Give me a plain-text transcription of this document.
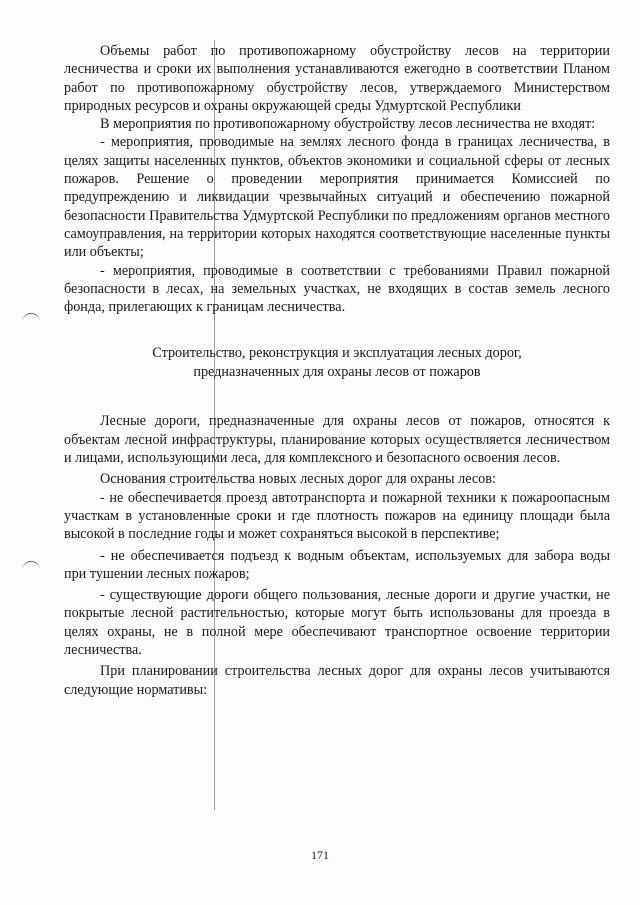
Объемы работ по противопожарному обустройству лесов на территории лесничества и сроки их выполнения устанавливаются ежегодно в соответствии Планом работ по противопожарному обустройству лесов, утверждаемого Министерством природных ресурсов и охраны окружающей среды Удмуртской Республики

В мероприятия по противопожарному обустройству лесов лесничества не входят:

- мероприятия, проводимые на землях лесного фонда в границах лесничества, в целях защиты населенных пунктов, объектов экономики и социальной сферы от лесных пожаров. Решение о проведении мероприятия принимается Комиссией по предупреждению и ликвидации чрезвычайных ситуаций и обеспечению пожарной безопасности Правительства Удмуртской Республики по предложениям органов местного самоуправления, на территории которых находятся соответствующие населенные пункты или объекты;

- мероприятия, проводимые в соответствии с требованиями Правил пожарной безопасности в лесах, на земельных участках, не входящих в состав земель лесного фонда, прилегающих к границам лесничества.

Строительство, реконструкция и эксплуатация лесных дорог,
предназначенных для охраны лесов от пожаров

Лесные дороги, предназначенные для охраны лесов от пожаров, относятся к объектам лесной инфраструктуры, планирование которых осуществляется лесничеством и лицами, использующими леса, для комплексного и безопасного освоения лесов.

Основания строительства новых лесных дорог для охраны лесов:

- не обеспечивается проезд автотранспорта и пожарной техники к пожароопасным участкам в установленные сроки и где плотность пожаров на единицу площади была высокой в последние годы и может сохраняться высокой в перспективе;

- не обеспечивается подъезд к водным объектам, используемых для забора воды при тушении лесных пожаров;

- существующие дороги общего пользования, лесные дороги и другие участки, не покрытые лесной растительностью, которые могут быть использованы для проезда в целях охраны, не в полной мере обеспечивают транспортное освоение территории лесничества.

При планировании строительства лесных дорог для охраны лесов учитываются следующие нормативы:

171
